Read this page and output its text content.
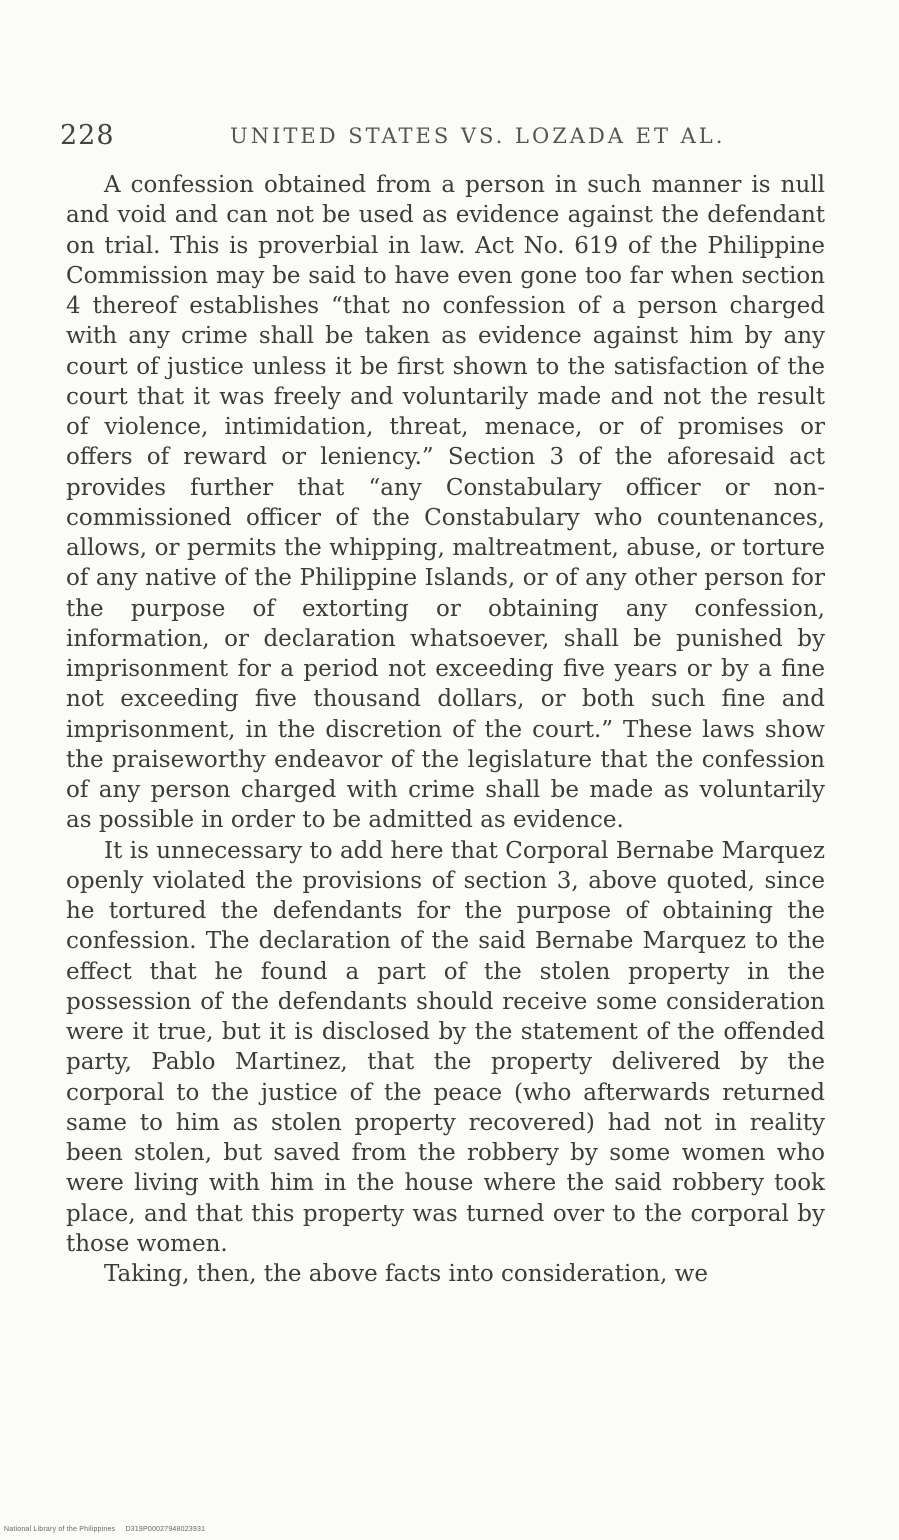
228	UNITED STATES VS. LOZADA ET AL.

A confession obtained from a person in such manner is null and void and can not be used as evidence against the defendant on trial. This is proverbial in law. Act No. 619 of the Philippine Commission may be said to have even gone too far when section 4 thereof establishes “that no confession of a person charged with any crime shall be taken as evidence against him by any court of justice unless it be first shown to the satisfaction of the court that it was freely and voluntarily made and not the result of violence, intimidation, threat, menace, or of promises or offers of reward or leniency.” Section 3 of the aforesaid act provides further that “any Constabulary officer or non-commissioned officer of the Constabulary who countenances, allows, or permits the whipping, maltreatment, abuse, or torture of any native of the Philippine Islands, or of any other person for the purpose of extorting or obtaining any confession, information, or declaration whatsoever, shall be punished by imprisonment for a period not exceeding five years or by a fine not exceeding five thousand dollars, or both such fine and imprisonment, in the discretion of the court.” These laws show the praiseworthy endeavor of the legislature that the confession of any person charged with crime shall be made as voluntarily as possible in order to be admitted as evidence.

It is unnecessary to add here that Corporal Bernabe Marquez openly violated the provisions of section 3, above quoted, since he tortured the defendants for the purpose of obtaining the confession. The declaration of the said Bernabe Marquez to the effect that he found a part of the stolen property in the possession of the defendants should receive some consideration were it true, but it is disclosed by the statement of the offended party, Pablo Martinez, that the property delivered by the corporal to the justice of the peace (who afterwards returned same to him as stolen property recovered) had not in reality been stolen, but saved from the robbery by some women who were living with him in the house where the said robbery took place, and that this property was turned over to the corporal by those women.

Taking, then, the above facts into consideration, we

National Library of the Philippines D319P00027948023931
